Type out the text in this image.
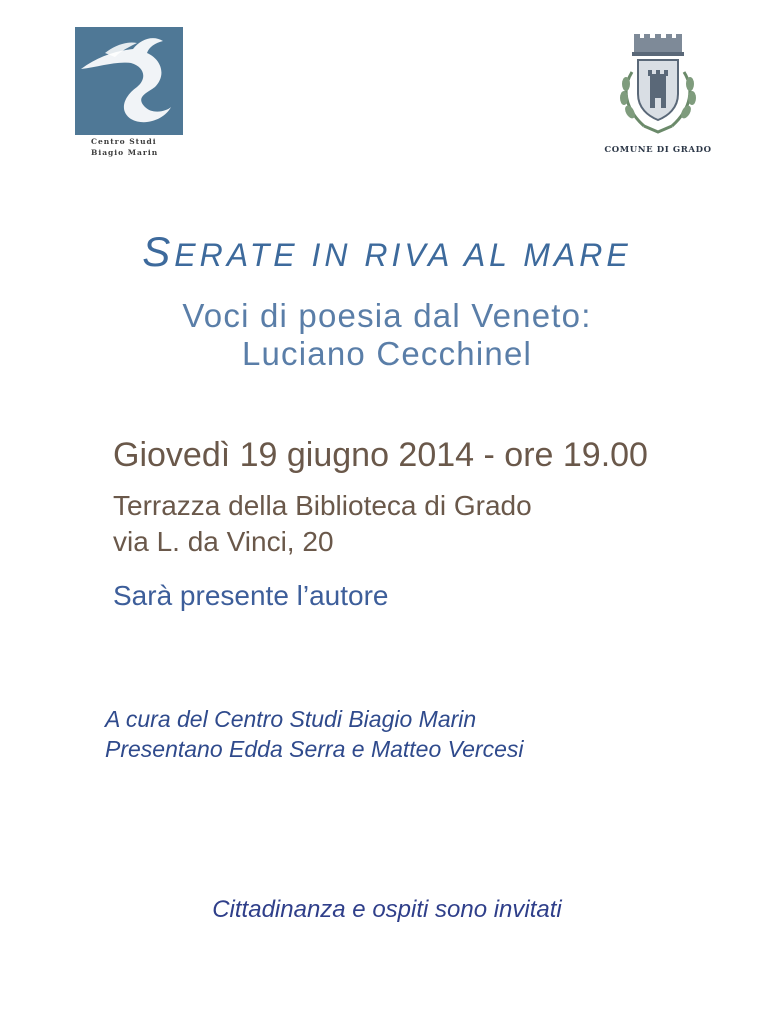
Centro Studi
Biagio Marin	COMUNE DI GRADO
SERATE IN RIVA AL MARE
Voci di poesia dal Veneto:
Luciano Cecchinel
Giovedì 19 giugno 2014 - ore 19.00
Terrazza della Biblioteca di Grado
via L. da Vinci, 20
Sarà presente l’autore
A cura del Centro Studi Biagio Marin
Presentano Edda Serra e Matteo Vercesi
Cittadinanza e ospiti sono invitati
